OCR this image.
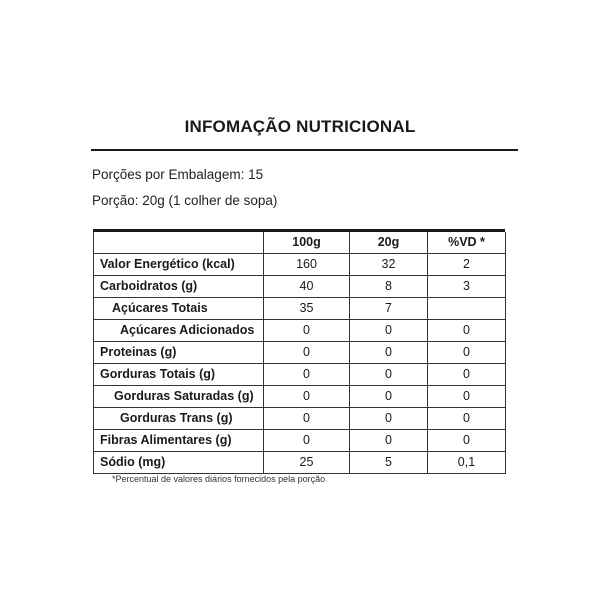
INFOMAÇÃO NUTRICIONAL
Porções por Embalagem: 15
Porção: 20g (1 colher de sopa)
	100g	20g	%VD *
Valor Energético (kcal)	160	32	2
Carboidratos (g)	40	8	3
Açúcares Totais	35	7	
Açúcares Adicionados	0	0	0
Proteinas (g)	0	0	0
Gorduras Totais (g)	0	0	0
Gorduras Saturadas (g)	0	0	0
Gorduras Trans (g)	0	0	0
Fibras Alimentares (g)	0	0	0
Sódio (mg)	25	5	0,1
*Percentual de valores diários fornecidos pela porção
